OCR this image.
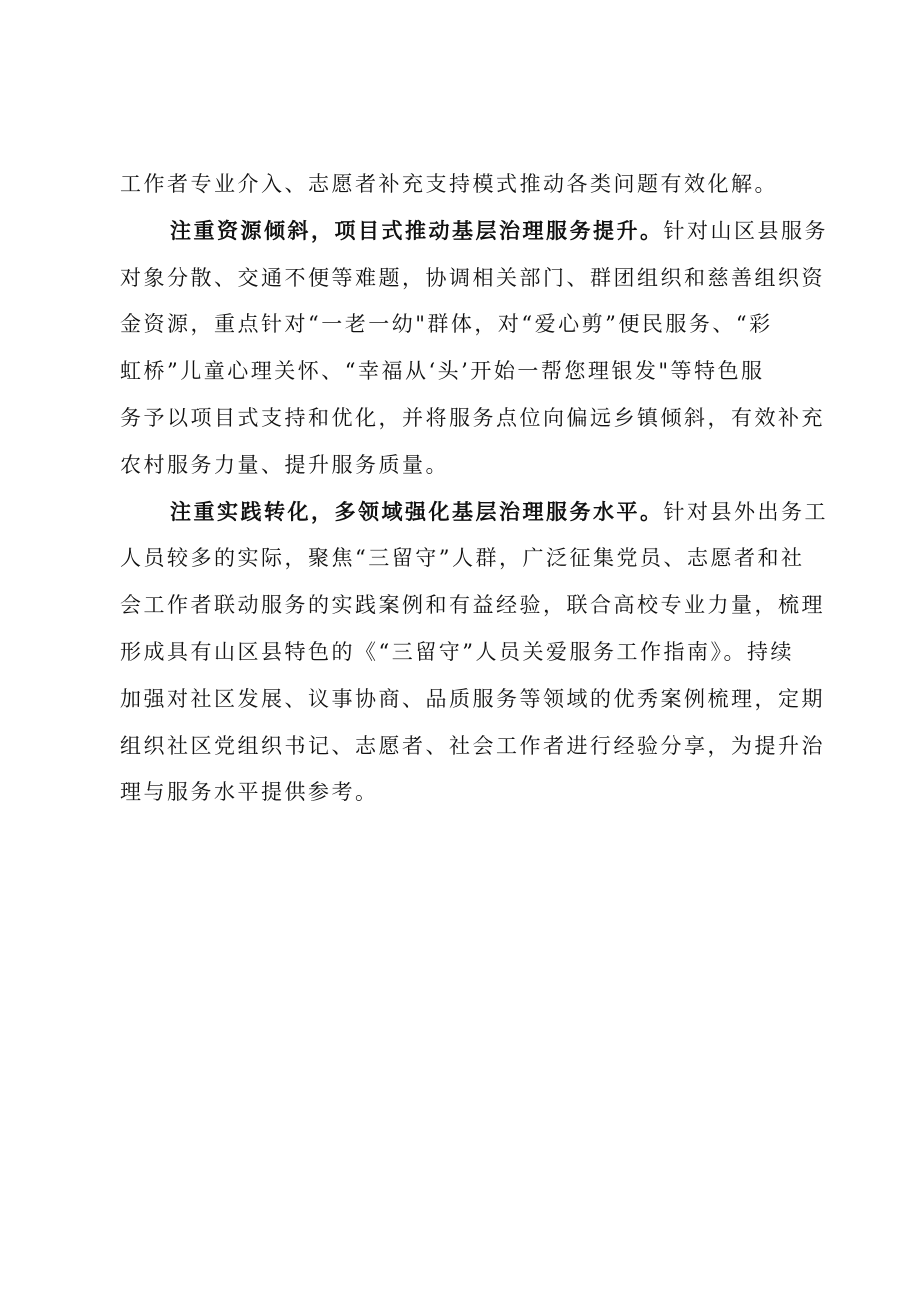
工作者专业介入、志愿者补充支持模式推动各类问题有效化解。
注重资源倾斜，项目式推动基层治理服务提升。针对山区县服务
对象分散、交通不便等难题，协调相关部门、群团组织和慈善组织资
金资源，重点针对“一老一幼"群体，对“爱心剪”便民服务、“彩
虹桥”儿童心理关怀、“幸福从‘头’开始一帮您理银发"等特色服
务予以项目式支持和优化，并将服务点位向偏远乡镇倾斜，有效补充
农村服务力量、提升服务质量。
注重实践转化，多领域强化基层治理服务水平。针对县外出务工
人员较多的实际，聚焦“三留守”人群，广泛征集党员、志愿者和社
会工作者联动服务的实践案例和有益经验，联合高校专业力量，梳理
形成具有山区县特色的《“三留守”人员关爱服务工作指南》。持续
加强对社区发展、议事协商、品质服务等领域的优秀案例梳理，定期
组织社区党组织书记、志愿者、社会工作者进行经验分享，为提升治
理与服务水平提供参考。
